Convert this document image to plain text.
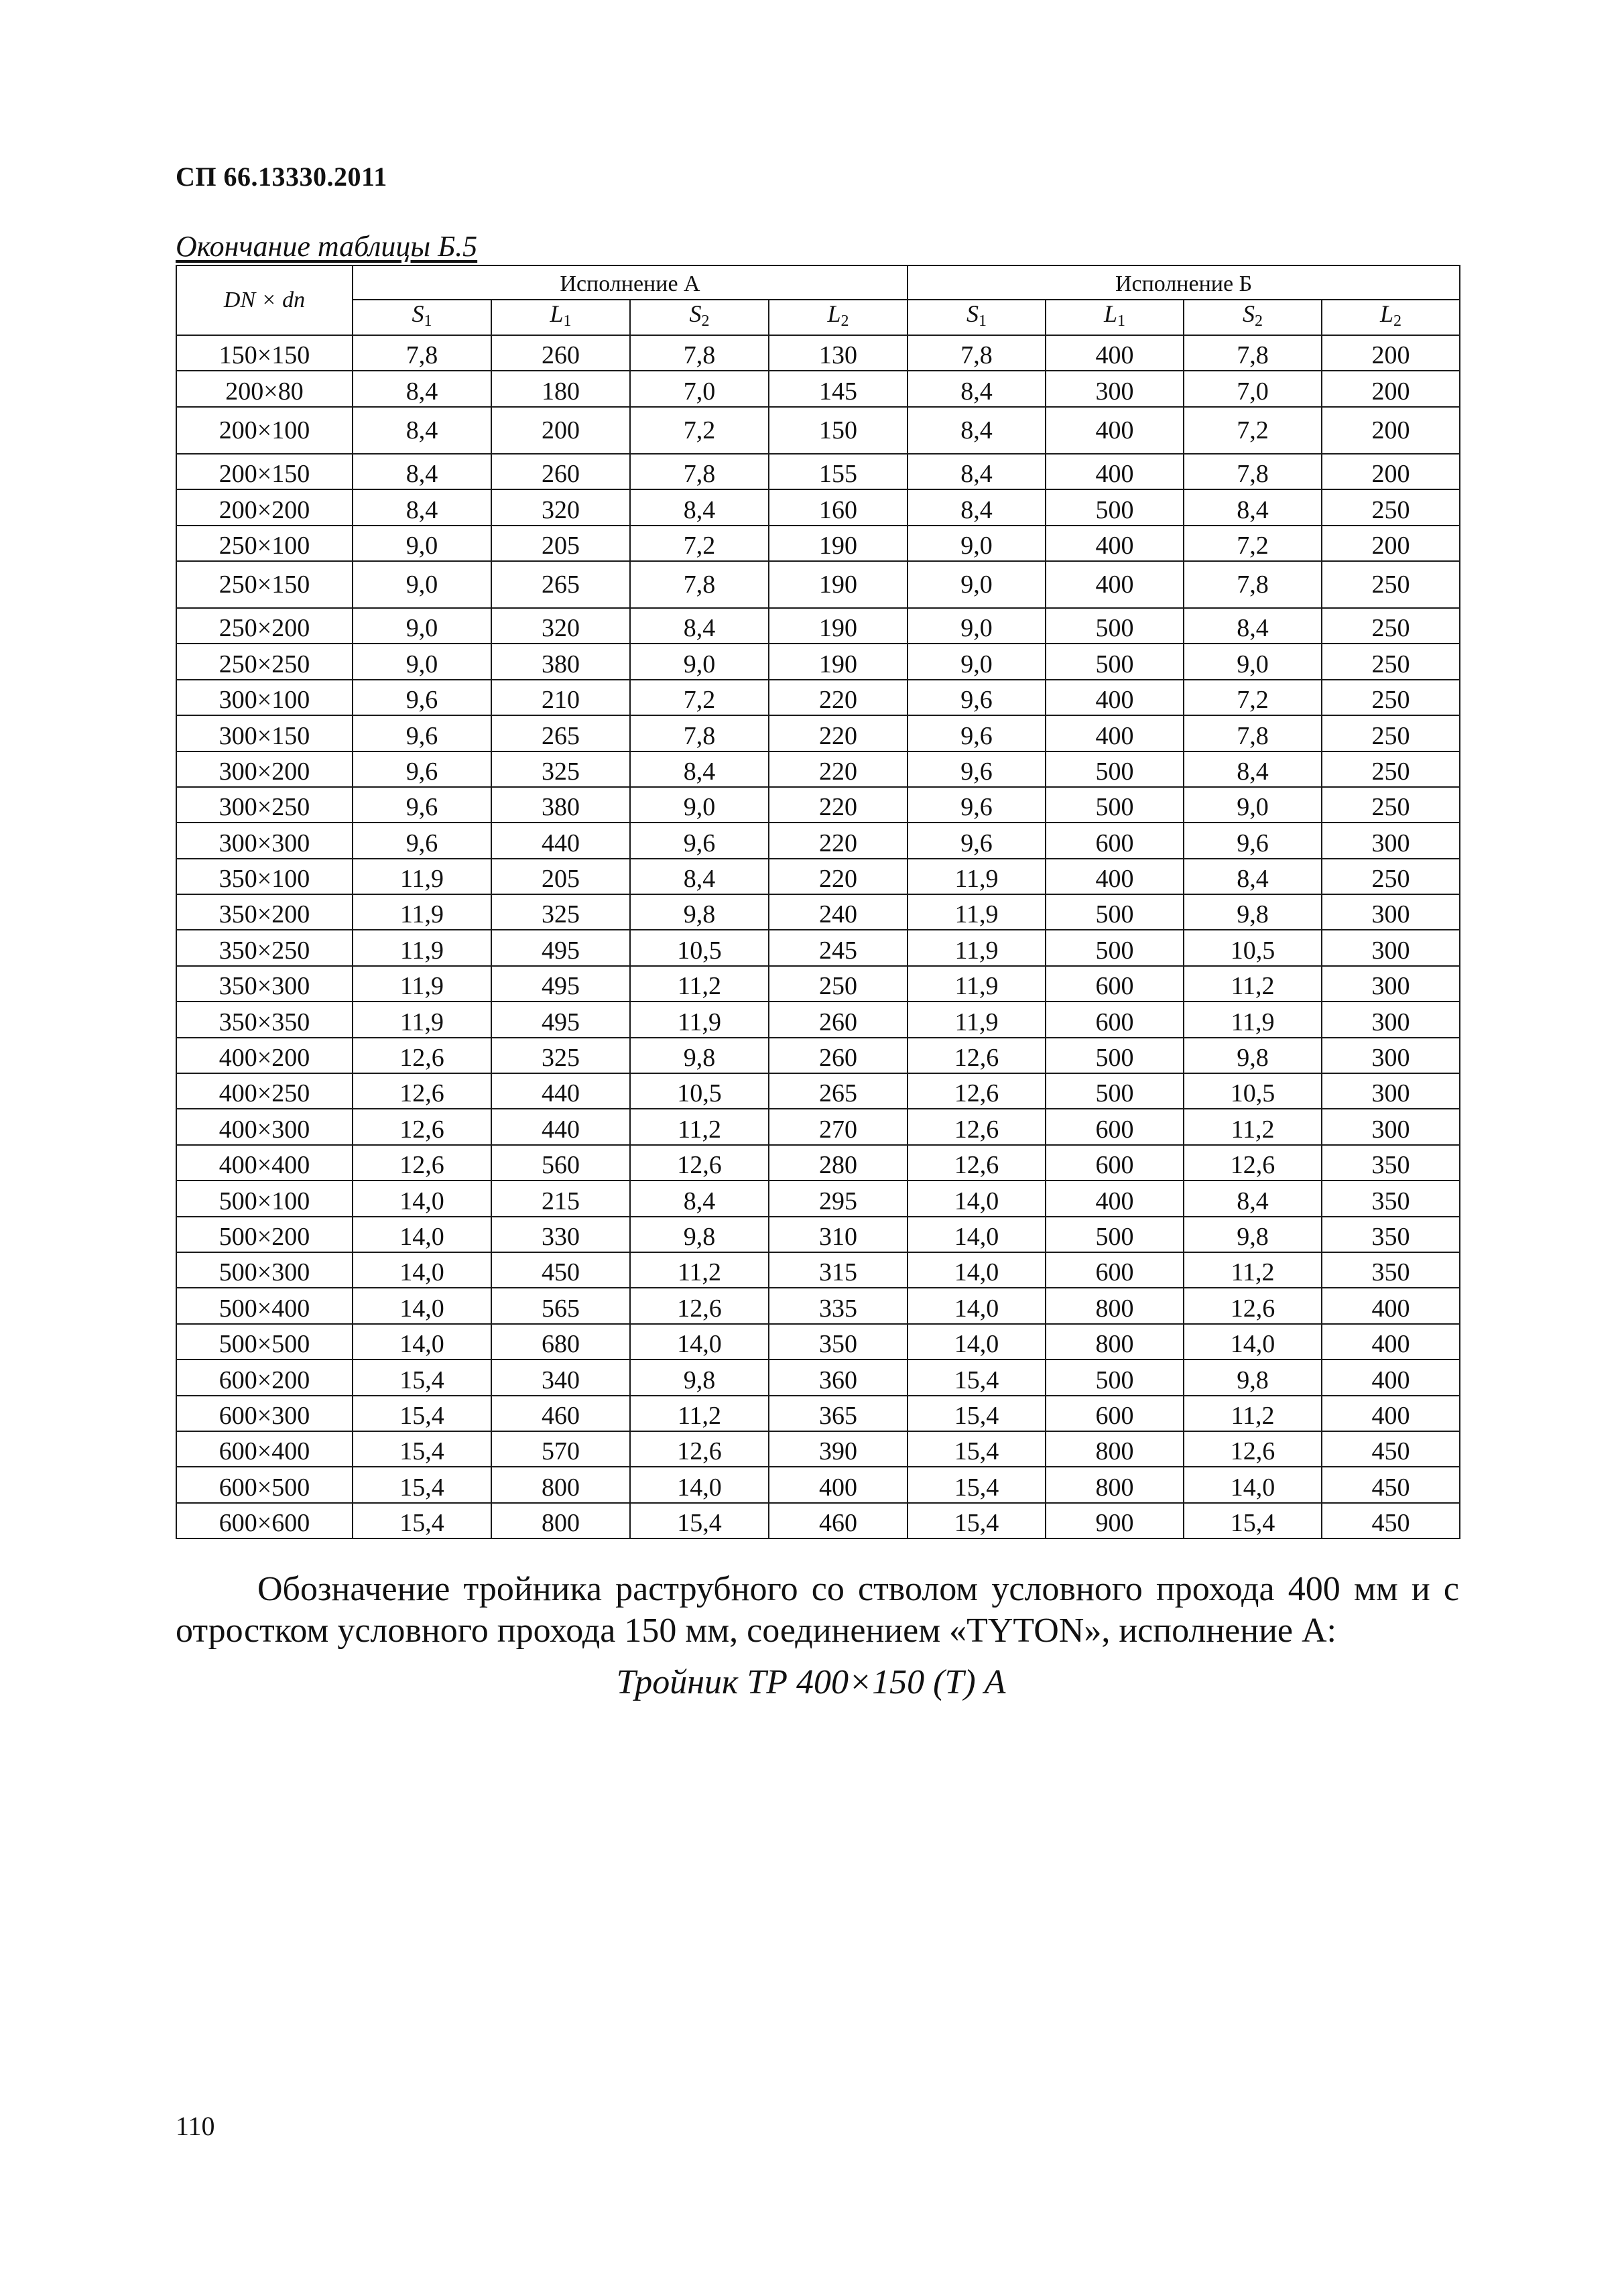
СП 66.13330.2011
Окончание таблицы Б.5
DN × dn	Исполнение А				Исполнение Б			
	S1	L1	S2	L2	S1	L1	S2	L2
150×150	7,8	260	7,8	130	7,8	400	7,8	200
200×80	8,4	180	7,0	145	8,4	300	7,0	200
200×100	8,4	200	7,2	150	8,4	400	7,2	200
200×150	8,4	260	7,8	155	8,4	400	7,8	200
200×200	8,4	320	8,4	160	8,4	500	8,4	250
250×100	9,0	205	7,2	190	9,0	400	7,2	200
250×150	9,0	265	7,8	190	9,0	400	7,8	250
250×200	9,0	320	8,4	190	9,0	500	8,4	250
250×250	9,0	380	9,0	190	9,0	500	9,0	250
300×100	9,6	210	7,2	220	9,6	400	7,2	250
300×150	9,6	265	7,8	220	9,6	400	7,8	250
300×200	9,6	325	8,4	220	9,6	500	8,4	250
300×250	9,6	380	9,0	220	9,6	500	9,0	250
300×300	9,6	440	9,6	220	9,6	600	9,6	300
350×100	11,9	205	8,4	220	11,9	400	8,4	250
350×200	11,9	325	9,8	240	11,9	500	9,8	300
350×250	11,9	495	10,5	245	11,9	500	10,5	300
350×300	11,9	495	11,2	250	11,9	600	11,2	300
350×350	11,9	495	11,9	260	11,9	600	11,9	300
400×200	12,6	325	9,8	260	12,6	500	9,8	300
400×250	12,6	440	10,5	265	12,6	500	10,5	300
400×300	12,6	440	11,2	270	12,6	600	11,2	300
400×400	12,6	560	12,6	280	12,6	600	12,6	350
500×100	14,0	215	8,4	295	14,0	400	8,4	350
500×200	14,0	330	9,8	310	14,0	500	9,8	350
500×300	14,0	450	11,2	315	14,0	600	11,2	350
500×400	14,0	565	12,6	335	14,0	800	12,6	400
500×500	14,0	680	14,0	350	14,0	800	14,0	400
600×200	15,4	340	9,8	360	15,4	500	9,8	400
600×300	15,4	460	11,2	365	15,4	600	11,2	400
600×400	15,4	570	12,6	390	15,4	800	12,6	450
600×500	15,4	800	14,0	400	15,4	800	14,0	450
600×600	15,4	800	15,4	460	15,4	900	15,4	450
Обозначение тройника раструбного со стволом условного прохода 400 мм и с отростком условного прохода 150 мм, соединением «TYTON», исполнение А:
Тройник ТР 400×150 (Т) А
110
